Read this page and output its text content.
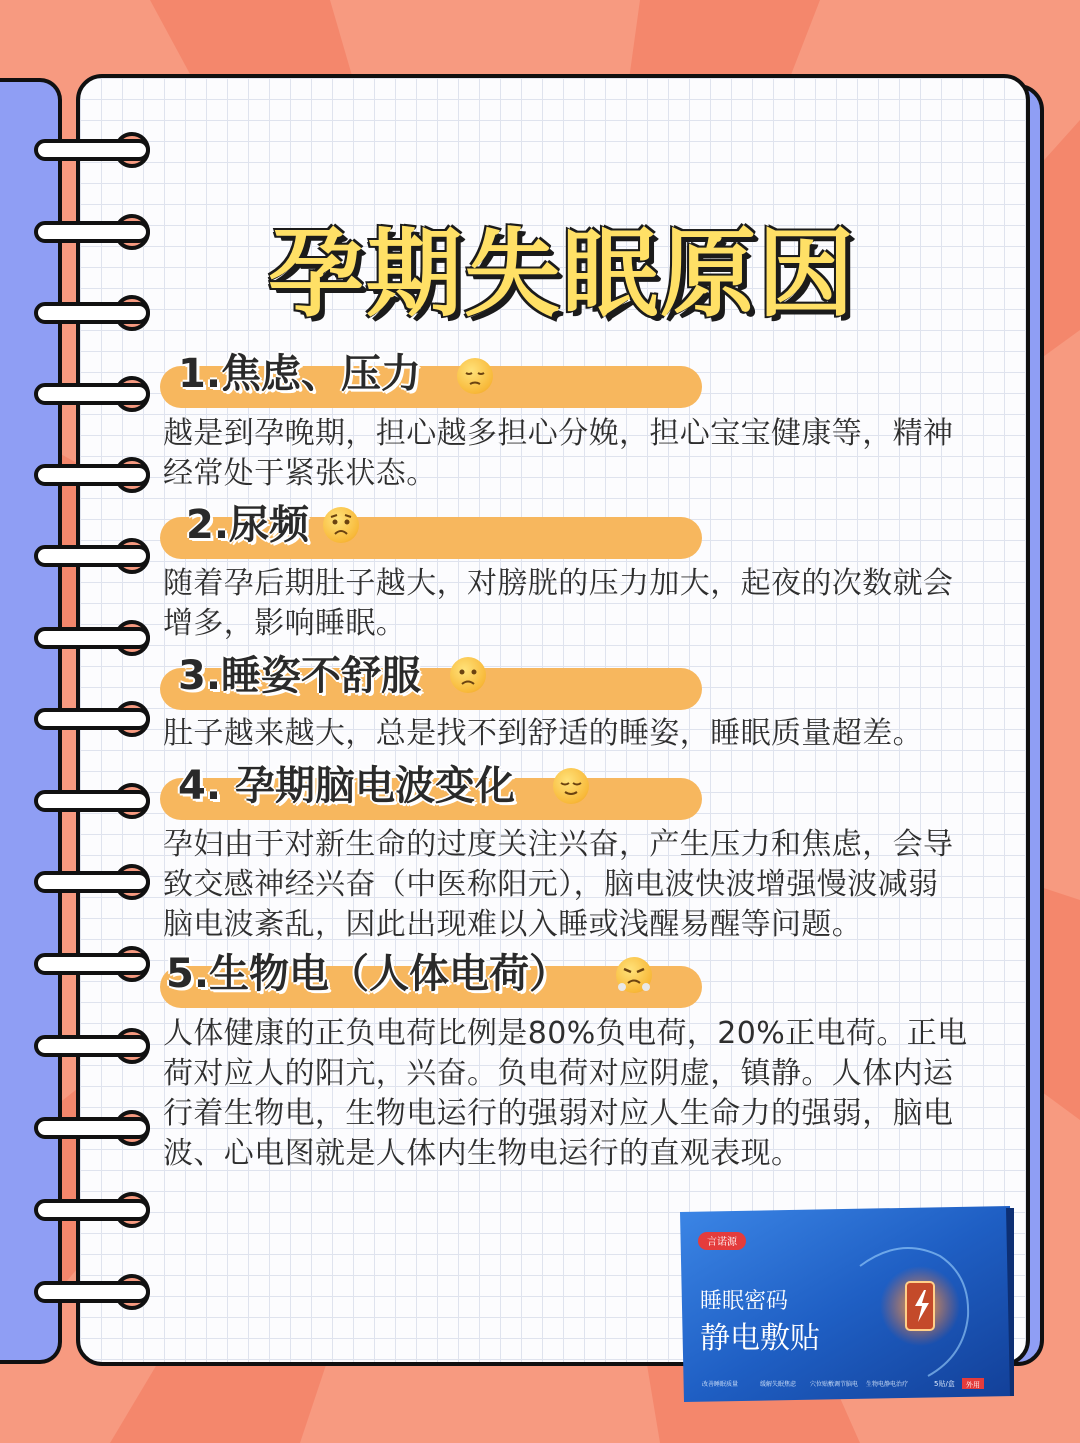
孕期失眠原因
1.焦虑、压力

越是到孕晚期，担心越多担心分娩，担心宝宝健康等，精神
经常处于紧张状态。

2.尿频

随着孕后期肚子越大，对膀胱的压力加大，起夜的次数就会
增多，影响睡眠。

3.睡姿不舒服

肚子越来越大，总是找不到舒适的睡姿，睡眠质量超差。

4. 孕期脑电波变化

孕妇由于对新生命的过度关注兴奋，产生压力和焦虑，会导
致交感神经兴奋（中医称阳元），脑电波快波增强慢波减弱
脑电波紊乱，因此出现难以入睡或浅醒易醒等问题。

5.生物电（人体电荷）

人体健康的正负电荷比例是80%负电荷，20%正电荷。正电
荷对应人的阳亢，兴奋。负电荷对应阴虚，镇静。人体内运
行着生物电，生物电运行的强弱对应人生命力的强弱，脑电
波、心电图就是人体内生物电运行的直观表现。

言诺源
睡眠密码
静电敷贴
改善睡眠质量	缓解失眠焦虑 穴位贴敷调节脑电 生物电静电治疗	5贴/盒 外用
